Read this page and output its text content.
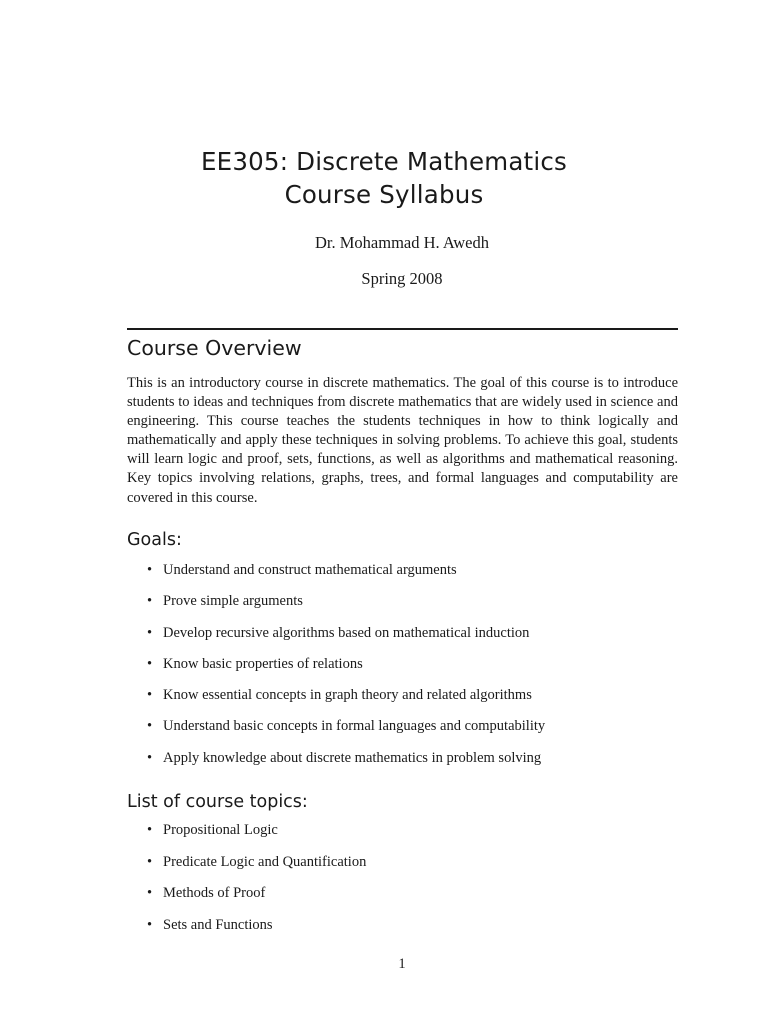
EE305: Discrete Mathematics
Course Syllabus
Dr. Mohammad H. Awedh
Spring 2008
Course Overview

This is an introductory course in discrete mathematics. The goal of this course is to introduce students to ideas and techniques from discrete mathematics that are widely used in science and engineering. This course teaches the students techniques in how to think logically and mathematically and apply these techniques in solving problems. To achieve this goal, students will learn logic and proof, sets, functions, as well as algorithms and mathematical reasoning. Key topics involving relations, graphs, trees, and formal languages and computability are covered in this course.

Goals:
• Understand and construct mathematical arguments
• Prove simple arguments
• Develop recursive algorithms based on mathematical induction
• Know basic properties of relations
• Know essential concepts in graph theory and related algorithms
• Understand basic concepts in formal languages and computability
• Apply knowledge about discrete mathematics in problem solving
List of course topics:
• Propositional Logic
• Predicate Logic and Quantification
• Methods of Proof
• Sets and Functions
1
